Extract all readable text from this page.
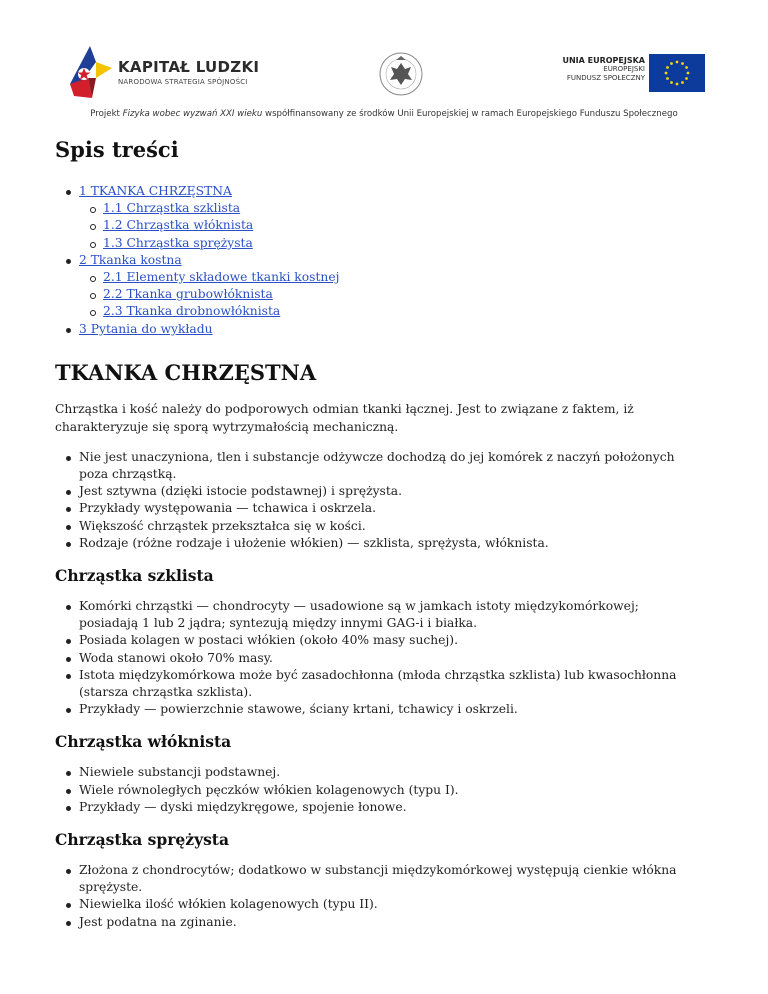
KAPITAŁ LUDZKI
NARODOWA STRATEGIA SPÓJNOŚCI
UNIA EUROPEJSKA
EUROPEJSKI
FUNDUSZ SPOŁECZNY
Projekt Fizyka wobec wyzwań XXI wieku współfinansowany ze środków Unii Europejskiej w ramach Europejskiego Funduszu Społecznego
Spis treści
1 TKANKA CHRZĘSTNA
1.1 Chrząstka szklista
1.2 Chrząstka włóknista
1.3 Chrząstka sprężysta
2 Tkanka kostna
2.1 Elementy składowe tkanki kostnej
2.2 Tkanka grubowłóknista
2.3 Tkanka drobnowłóknista
3 Pytania do wykładu
TKANKA CHRZĘSTNA

Chrząstka i kość należy do podporowych odmian tkanki łącznej. Jest to związane z faktem, iż charakteryzuje się sporą wytrzymałością mechaniczną.

Nie jest unaczyniona, tlen i substancje odżywcze dochodzą do jej komórek z naczyń położonych poza chrząstką.
Jest sztywna (dzięki istocie podstawnej) i sprężysta.
Przykłady występowania — tchawica i oskrzela.
Większość chrząstek przekształca się w kości.
Rodzaje (różne rodzaje i ułożenie włókien) — szklista, sprężysta, włóknista.
Chrząstka szklista
Komórki chrząstki — chondrocyty — usadowione są w jamkach istoty międzykomórkowej; posiadają 1 lub 2 jądra; syntezują między innymi GAG-i i białka.
Posiada kolagen w postaci włókien (około 40% masy suchej).
Woda stanowi około 70% masy.
Istota międzykomórkowa może być zasadochłonna (młoda chrząstka szklista) lub kwasochłonna (starsza chrząstka szklista).
Przykłady — powierzchnie stawowe, ściany krtani, tchawicy i oskrzeli.
Chrząstka włóknista
Niewiele substancji podstawnej.
Wiele równoległych pęczków włókien kolagenowych (typu I).
Przykłady — dyski międzykręgowe, spojenie łonowe.
Chrząstka sprężysta
Złożona z chondrocytów; dodatkowo w substancji międzykomórkowej występują cienkie włókna sprężyste.
Niewielka ilość włókien kolagenowych (typu II).
Jest podatna na zginanie.
